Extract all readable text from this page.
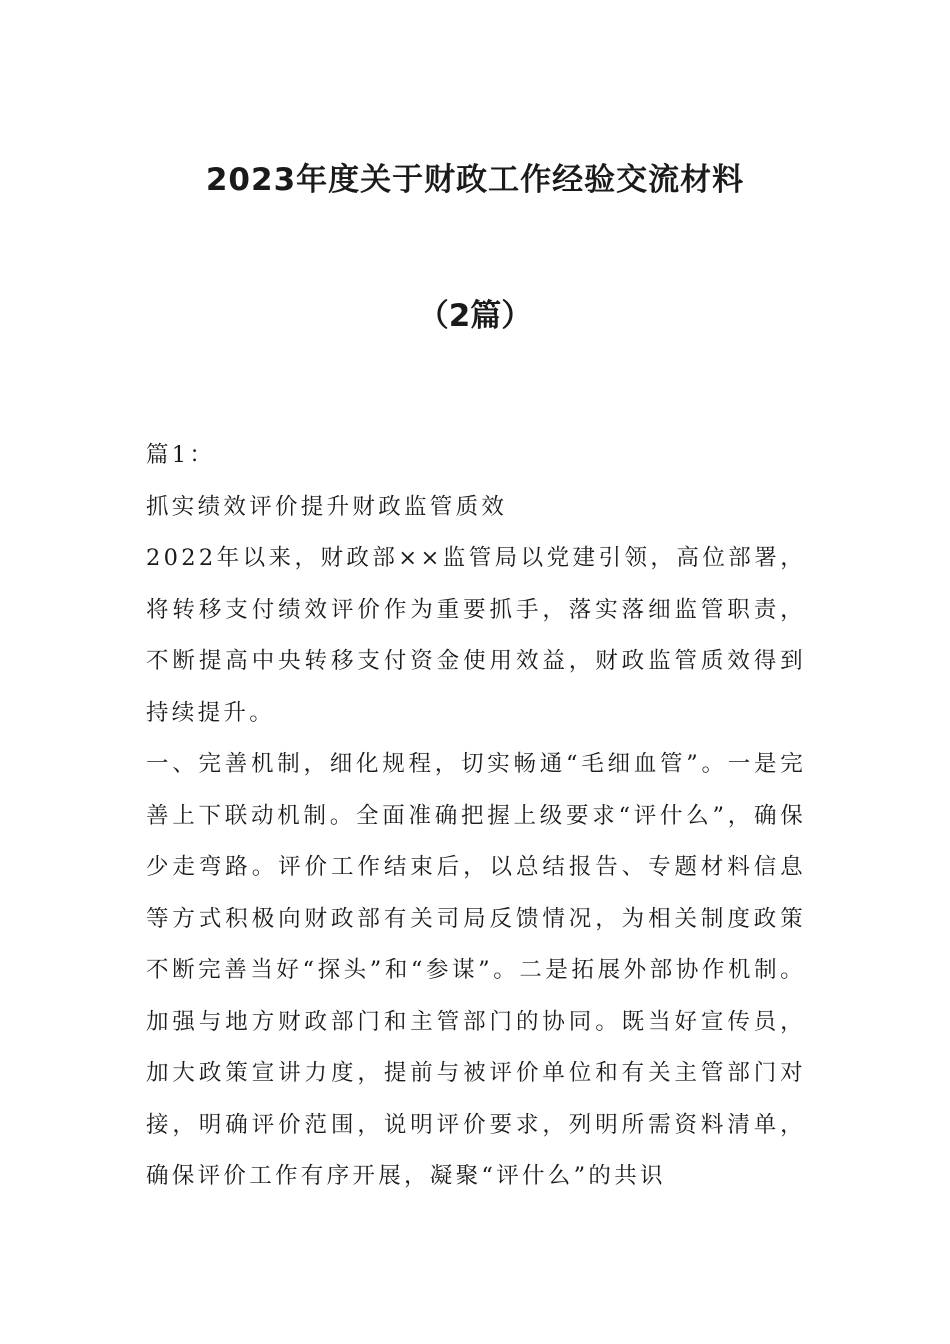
2023年度关于财政工作经验交流材料
（2篇）

篇1：

抓实绩效评价提升财政监管质效

2022年以来，财政部××监管局以党建引领，高位部署，将转移支付绩效评价作为重要抓手，落实落细监管职责，不断提高中央转移支付资金使用效益，财政监管质效得到持续提升。

一、完善机制，细化规程，切实畅通“毛细血管”。一是完善上下联动机制。全面准确把握上级要求“评什么”，确保少走弯路。评价工作结束后，以总结报告、专题材料信息等方式积极向财政部有关司局反馈情况，为相关制度政策不断完善当好“探头”和“参谋”。二是拓展外部协作机制。加强与地方财政部门和主管部门的协同。既当好宣传员，加大政策宣讲力度，提前与被评价单位和有关主管部门对接，明确评价范围，说明评价要求，列明所需资料清单，确保评价工作有序开展，凝聚“评什么”的共识
